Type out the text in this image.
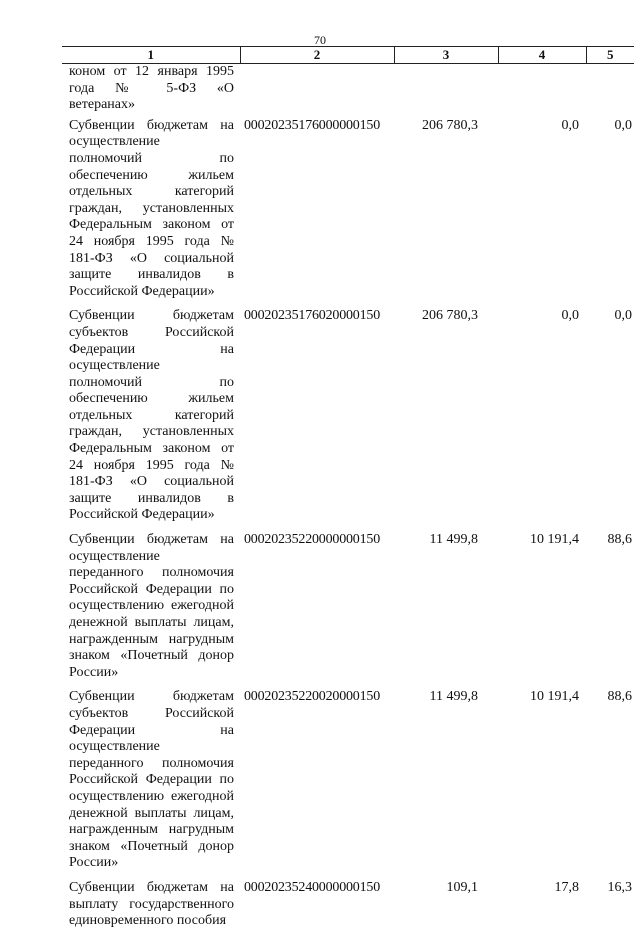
70
1	2	3	4	5
коном от 12 января 1995 года № 5-ФЗ «О ветеранах»				
Субвенции бюджетам на осуществление полномочий по обеспечению жильем отдельных категорий граждан, установленных Федеральным законом от 24 ноября 1995 года № 181-ФЗ «О социальной защите инвалидов в Российской Федерации»	00020235176000000150	206 780,3	0,0	0,0
Субвенции бюджетам субъектов Российской Федерации на осуществление полномочий по обеспечению жильем отдельных категорий граждан, установленных Федеральным законом от 24 ноября 1995 года № 181-ФЗ «О социальной защите инвалидов в Российской Федерации»	00020235176020000150	206 780,3	0,0	0,0
Субвенции бюджетам на осуществление переданного полномочия Российской Федерации по осуществлению ежегодной денежной выплаты лицам, награжденным нагрудным знаком «Почетный донор России»	00020235220000000150	11 499,8	10 191,4	88,6
Субвенции бюджетам субъектов Российской Федерации на осуществление переданного полномочия Российской Федерации по осуществлению ежегодной денежной выплаты лицам, награжденным нагрудным знаком «Почетный донор России»	00020235220020000150	11 499,8	10 191,4	88,6
Субвенции бюджетам на выплату государственного единовременного пособия	00020235240000000150	109,1	17,8	16,3
